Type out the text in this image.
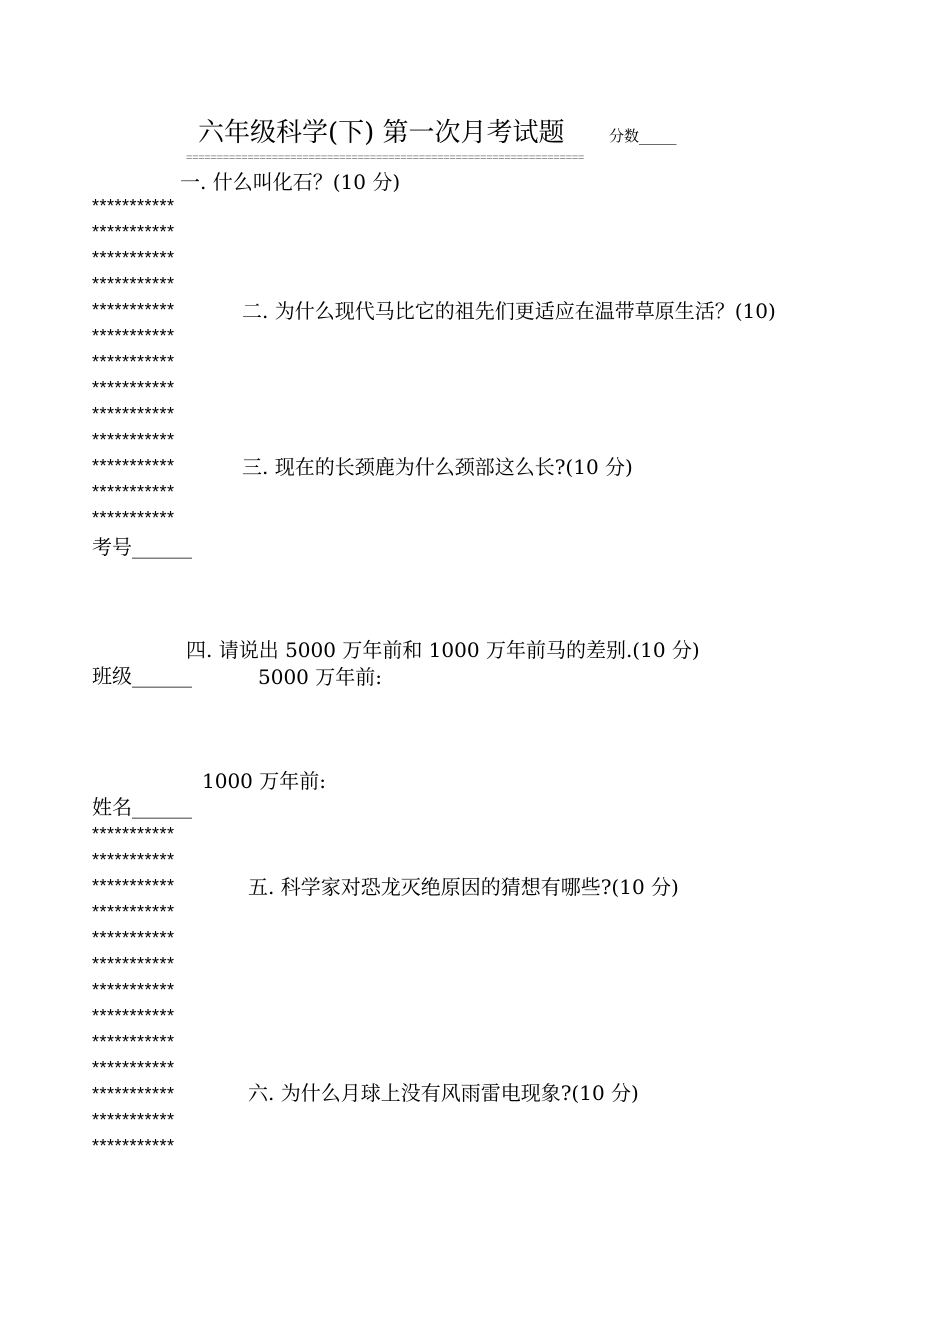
六年级科学(下) 第一次月考试题	分数_____
=================================================================
一. 什么叫化石？(10 分)
二. 为什么现代马比它的祖先们更适应在温带草原生活？(10)
三. 现在的长颈鹿为什么颈部这么长?(10 分)
四. 请说出 5000 万年前和 1000 万年前马的差别.(10 分)
5000 万年前:
1000 万年前:
五. 科学家对恐龙灭绝原因的猜想有哪些?(10 分)
六. 为什么月球上没有风雨雷电现象?(10 分)
考号______
班级______
姓名______
***********
***********
***********
***********
***********
***********
***********
***********
***********
***********
***********
***********
***********
***********
***********
***********
***********
***********
***********
***********
***********
***********
***********
***********
***********
***********
